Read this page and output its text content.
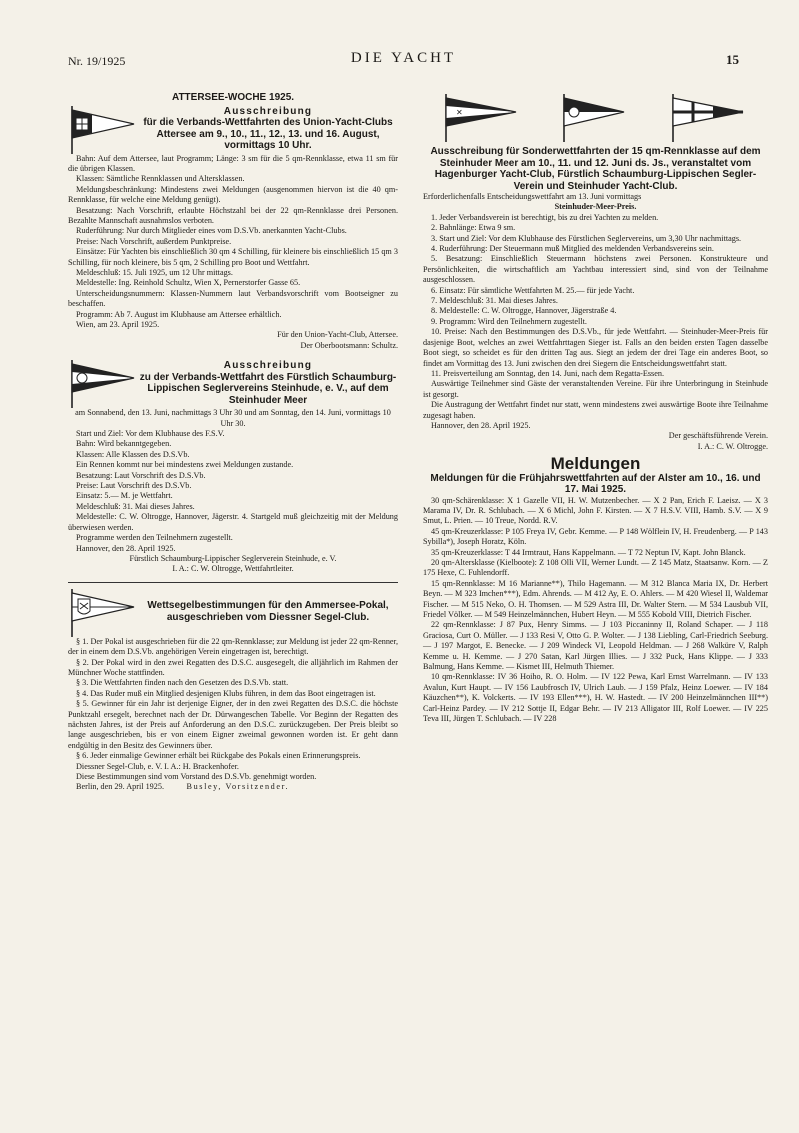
Nr. 19/1925	DIE YACHT	15
ATTERSEE-WOCHE 1925.
Ausschreibung
für die Verbands-Wettfahrten des Union-Yacht-Clubs Attersee am 9., 10., 11., 12., 13. und 16. August, vormittags 10 Uhr.

Bahn: Auf dem Attersee, laut Programm; Länge: 3 sm für die 5 qm-Rennklasse, etwa 11 sm für die übrigen Klassen.

Klassen: Sämtliche Rennklassen und Altersklassen.

Meldungsbeschränkung: Mindestens zwei Meldungen (ausgenommen hiervon ist die 40 qm-Rennklasse, für welche eine Meldung genügt).

Besatzung: Nach Vorschrift, erlaubte Höchstzahl bei der 22 qm-Rennklasse drei Personen. Bezahlte Mannschaft ausnahmslos verboten.

Ruderführung: Nur durch Mitglieder eines vom D.S.Vb. anerkannten Yacht-Clubs.

Preise: Nach Vorschrift, außerdem Punktpreise.

Einsätze: Für Yachten bis einschließlich 30 qm 4 Schilling, für kleinere bis einschließlich 15 qm 3 Schilling, für noch kleinere, bis 5 qm, 2 Schilling pro Boot und Wettfahrt.

Meldeschluß: 15. Juli 1925, um 12 Uhr mittags.

Meldestelle: Ing. Reinhold Schultz, Wien X, Pernerstorfer Gasse 65.

Unterscheidungsnummern: Klassen-Nummern laut Verbandsvorschrift vom Bootseigner zu beschaffen.

Programm: Ab 7. August im Klubhause am Attersee erhältlich.

Wien, am 23. April 1925.

Für den Union-Yacht-Club, Attersee.

Der Oberbootsmann: Schultz.

Ausschreibung
zu der Verbands-Wettfahrt des Fürstlich Schaumburg-Lippischen Seglervereins Steinhude, e. V., auf dem Steinhuder Meer

am Sonnabend, den 13. Juni, nachmittags 3 Uhr 30 und am Sonntag, den 14. Juni, vormittags 10 Uhr 30.

Start und Ziel: Vor dem Klubhause des F.S.V.

Bahn: Wird bekanntgegeben.

Klassen: Alle Klassen des D.S.Vb.

Ein Rennen kommt nur bei mindestens zwei Meldungen zustande.

Besatzung: Laut Vorschrift des D.S.Vb.

Preise: Laut Vorschrift des D.S.Vb.

Einsatz: 5.— M. je Wettfahrt.

Meldeschluß: 31. Mai dieses Jahres.

Meldestelle: C. W. Oltrogge, Hannover, Jägerstr. 4. Startgeld muß gleichzeitig mit der Meldung überwiesen werden.

Programme werden den Teilnehmern zugestellt.

Hannover, den 28. April 1925.

Fürstlich Schaumburg-Lippischer Seglerverein Steinhude, e. V.

I. A.: C. W. Oltrogge, Wettfahrtleiter.

Wettsegelbestimmungen für den Ammersee-Pokal, ausgeschrieben vom Diessner Segel-Club.

§ 1. Der Pokal ist ausgeschrieben für die 22 qm-Rennklasse; zur Meldung ist jeder 22 qm-Renner, der in einem dem D.S.Vb. angehörigen Verein eingetragen ist, berechtigt.

§ 2. Der Pokal wird in den zwei Regatten des D.S.C. ausgesegelt, die alljährlich im Rahmen der Münchner Woche stattfinden.

§ 3. Die Wettfahrten finden nach den Gesetzen des D.S.Vb. statt.

§ 4. Das Ruder muß ein Mitglied desjenigen Klubs führen, in dem das Boot eingetragen ist.

§ 5. Gewinner für ein Jahr ist derjenige Eigner, der in den zwei Regatten des D.S.C. die höchste Punktzahl ersegelt, berechnet nach der Dr. Dürwangeschen Tabelle. Vor Beginn der Regatten des nächsten Jahres, ist der Preis auf Anforderung an den D.S.C. zurückzugeben. Der Preis bleibt so lange ausgeschrieben, bis er von einem Eigner zweimal gewonnen worden ist. Er geht dann endgültig in den Besitz des Gewinners über.

§ 6. Jeder einmalige Gewinner erhält bei Rückgabe des Pokals einen Erinnerungspreis.

Diessner Segel-Club, e. V. I. A.: H. Brackenhofer.

Diese Bestimmungen sind vom Vorstand des D.S.Vb. genehmigt worden.

Berlin, den 29. April 1925.	Busley, Vorsitzender.

✕
Ausschreibung für Sonderwettfahrten der 15 qm-Rennklasse auf dem Steinhuder Meer am 10., 11. und 12. Juni ds. Js., veranstaltet vom Hagenburger Yacht-Club, Fürstlich Schaumburg-Lippischen Segler-Verein und Steinhuder Yacht-Club.

Erforderlichenfalls Entscheidungswettfahrt am 13. Juni vormittags

Steinhuder-Meer-Preis.

1. Jeder Verbandsverein ist berechtigt, bis zu drei Yachten zu melden.

2. Bahnlänge: Etwa 9 sm.

3. Start und Ziel: Vor dem Klubhause des Fürstlichen Seglervereins, um 3,30 Uhr nachmittags.

4. Ruderführung: Der Steuermann muß Mitglied des meldenden Verbandsvereins sein.

5. Besatzung: Einschließlich Steuermann höchstens zwei Personen. Konstrukteure und Persönlichkeiten, die wirtschaftlich am Yachtbau interessiert sind, sind von der Teilnahme ausgeschlossen.

6. Einsatz: Für sämtliche Wettfahrten M. 25.— für jede Yacht.

7. Meldeschluß: 31. Mai dieses Jahres.

8. Meldestelle: C. W. Oltrogge, Hannover, Jägerstraße 4.

9. Programm: Wird den Teilnehmern zugestellt.

10. Preise: Nach den Bestimmungen des D.S.Vb., für jede Wettfahrt. — Steinhuder-Meer-Preis für dasjenige Boot, welches an zwei Wettfahrttagen Sieger ist. Falls an den beiden ersten Tagen dasselbe Boot siegt, so scheidet es für den dritten Tag aus. Siegt an jedem der drei Tage ein anderes Boot, so findet am Vormittag des 13. Juni zwischen den drei Siegern die Entscheidungswettfahrt statt.

11. Preisverteilung am Sonntag, den 14. Juni, nach dem Regatta-Essen.

Auswärtige Teilnehmer sind Gäste der veranstaltenden Vereine. Für ihre Unterbringung in Steinhude ist gesorgt.

Die Austragung der Wettfahrt findet nur statt, wenn mindestens zwei auswärtige Boote ihre Teilnahme zugesagt haben.

Hannover, den 28. April 1925.

Der geschäftsführende Verein.

I. A.: C. W. Oltrogge.

Meldungen
Meldungen für die Frühjahrswettfahrten auf der Alster am 10., 16. und 17. Mai 1925.

30 qm-Schärenklasse: X 1 Gazelle VII, H. W. Mutzenbecher. — X 2 Pan, Erich F. Laeisz. — X 3 Marama IV, Dr. R. Schlubach. — X 6 Michl, John F. Kirsten. — X 7 H.S.V. VIII, Hamb. S.V. — X 9 Smut, L. Prien. — 10 Treue, Nordd. R.V.

45 qm-Kreuzerklasse: P 105 Freya IV, Gebr. Kemme. — P 148 Wölflein IV, H. Freudenberg. — P 143 Sybilla*), Joseph Horatz, Köln.

35 qm-Kreuzerklasse: T 44 Irmtraut, Hans Kappelmann. — T 72 Neptun IV, Kapt. John Blanck.

20 qm-Altersklasse (Kielboote): Z 108 Olli VII, Werner Lundt. — Z 145 Matz, Staatsanw. Korn. — Z 175 Hexe, C. Fuhlendorff.

15 qm-Rennklasse: M 16 Marianne**), Thilo Hagemann. — M 312 Blanca Maria IX, Dr. Herbert Beyn. — M 323 Imchen***), Edm. Ahrends. — M 412 Ay, E. O. Ahlers. — M 420 Wiesel II, Waldemar Fischer. — M 515 Neko, O. H. Thomsen. — M 529 Astra III, Dr. Walter Stern. — M 534 Lausbub VII, Friedel Völker. — M 549 Heinzelmännchen, Hubert Heyn. — M 555 Kobold VIII, Dietrich Fischer.

22 qm-Rennklasse: J 87 Pux, Henry Simms. — J 103 Piccaninny II, Roland Schaper. — J 118 Graciosa, Curt O. Müller. — J 133 Resi V, Otto G. P. Wolter. — J 138 Liebling, Carl-Friedrich Seeburg. — J 197 Margot, E. Benecke. — J 209 Windeck VI, Leopold Heldman. — J 268 Walküre V, Ralph Kemme u. H. Kemme. — J 270 Satan, Karl Jürgen Illies. — J 332 Puck, Hans Klippe. — J 333 Balmung, Hans Kemme. — Kismet III, Helmuth Thiemer.

10 qm-Rennklasse: IV 36 Hoiho, R. O. Holm. — IV 122 Pewa, Karl Ernst Warrelmann. — IV 133 Avalun, Kurt Haupt. — IV 156 Laubfrosch IV, Ulrich Laub. — J 159 Pfalz, Heinz Loewer. — IV 184 Käuzchen**), K. Volckerts. — IV 193 Ellen***), H. W. Hastedt. — IV 200 Heinzelmännchen III**) Carl-Heinz Pardey. — IV 212 Sottje II, Edgar Behr. — IV 213 Alligator III, Rolf Loewer. — IV 225 Teva III, Jürgen T. Schlubach. — IV 228
